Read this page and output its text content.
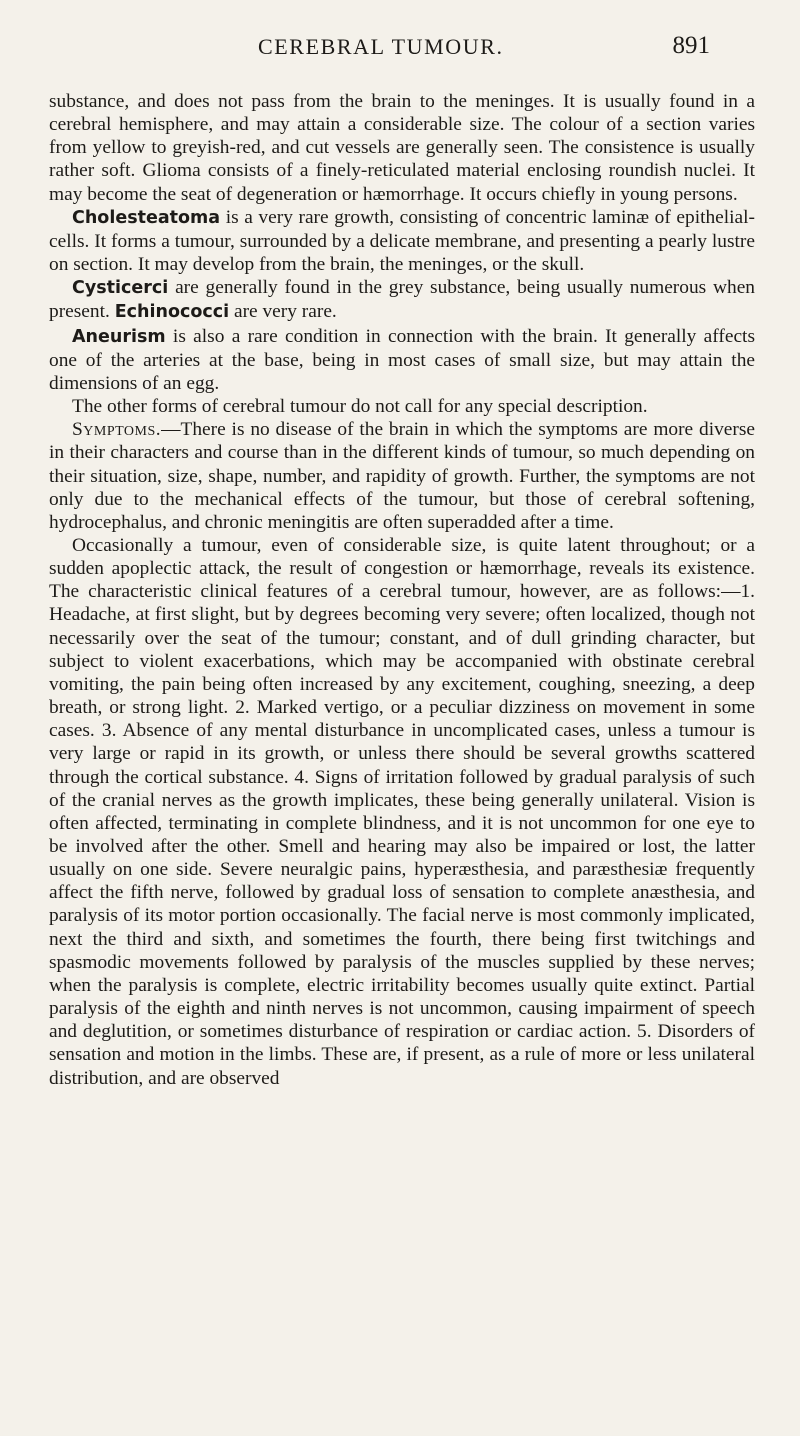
CEREBRAL TUMOUR.	891

substance, and does not pass from the brain to the meninges. It is usually found in a cerebral hemisphere, and may attain a considerable size. The colour of a section varies from yellow to greyish-red, and cut vessels are generally seen. The consistence is usually rather soft. Glioma consists of a finely-reticulated material enclosing roundish nuclei. It may become the seat of degeneration or hæmorrhage. It occurs chiefly in young persons.

Cholesteatoma is a very rare growth, consisting of concentric laminæ of epithelial-cells. It forms a tumour, surrounded by a delicate membrane, and presenting a pearly lustre on section. It may develop from the brain, the meninges, or the skull.

Cysticerci are generally found in the grey substance, being usually numerous when present. Echinococci are very rare.

Aneurism is also a rare condition in connection with the brain. It generally affects one of the arteries at the base, being in most cases of small size, but may attain the dimensions of an egg.

The other forms of cerebral tumour do not call for any special description.

Symptoms.—There is no disease of the brain in which the symptoms are more diverse in their characters and course than in the different kinds of tumour, so much depending on their situation, size, shape, number, and rapidity of growth. Further, the symptoms are not only due to the mechanical effects of the tumour, but those of cerebral softening, hydrocephalus, and chronic meningitis are often superadded after a time.

Occasionally a tumour, even of considerable size, is quite latent throughout; or a sudden apoplectic attack, the result of congestion or hæmorrhage, reveals its existence. The characteristic clinical features of a cerebral tumour, however, are as follows:—1. Headache, at first slight, but by degrees becoming very severe; often localized, though not necessarily over the seat of the tumour; constant, and of dull grinding character, but subject to violent exacerbations, which may be accompanied with obstinate cerebral vomiting, the pain being often increased by any excitement, coughing, sneezing, a deep breath, or strong light. 2. Marked vertigo, or a peculiar dizziness on movement in some cases. 3. Absence of any mental disturbance in uncomplicated cases, unless a tumour is very large or rapid in its growth, or unless there should be several growths scattered through the cortical substance. 4. Signs of irritation followed by gradual paralysis of such of the cranial nerves as the growth implicates, these being generally unilateral. Vision is often affected, terminating in complete blindness, and it is not uncommon for one eye to be involved after the other. Smell and hearing may also be impaired or lost, the latter usually on one side. Severe neuralgic pains, hyperæsthesia, and paræsthesiæ frequently affect the fifth nerve, followed by gradual loss of sensation to complete anæsthesia, and paralysis of its motor portion occasionally. The facial nerve is most commonly implicated, next the third and sixth, and sometimes the fourth, there being first twitchings and spasmodic movements followed by paralysis of the muscles supplied by these nerves; when the paralysis is complete, electric irritability becomes usually quite extinct. Partial paralysis of the eighth and ninth nerves is not uncommon, causing impairment of speech and deglutition, or sometimes disturbance of respiration or cardiac action. 5. Disorders of sensation and motion in the limbs. These are, if present, as a rule of more or less unilateral distribution, and are observed
